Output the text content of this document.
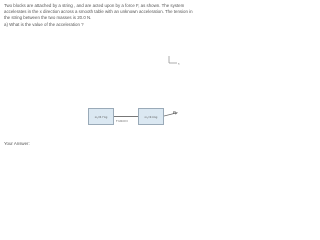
Two blocks are attached by a string , and are acted upon by a force F, as shown. The system accelerates in the x direction across a smooth table with an unknown acceleration. The tension in the string between the two masses is 20.0 N.

a) What is the value of the acceleration ?

x
m₁=6.7 kg
T=20.0 N
m₂=3.4 kg
F
Your Answer:
